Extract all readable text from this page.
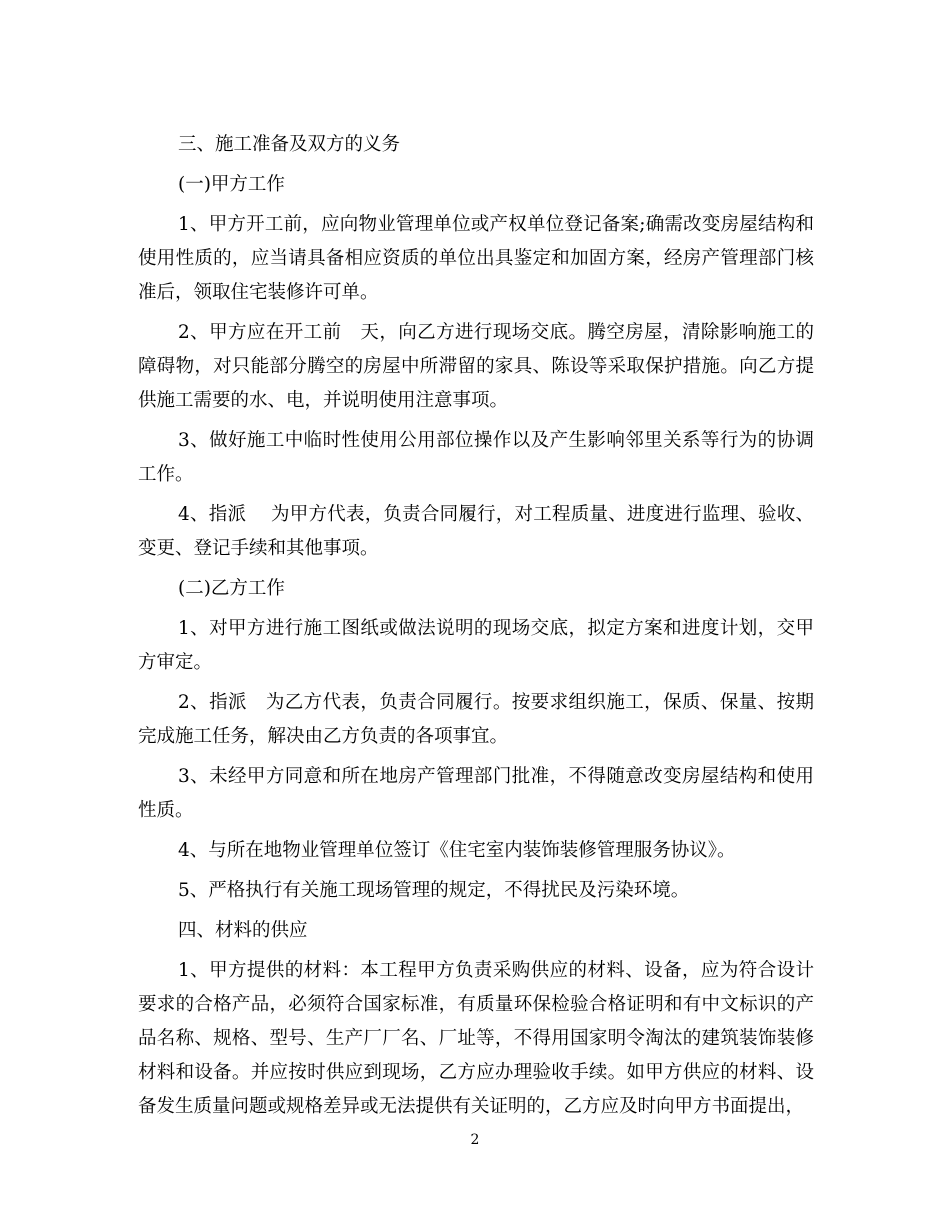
三、施工准备及双方的义务

(一)甲方工作

1、甲方开工前，应向物业管理单位或产权单位登记备案;确需改变房屋结构和使用性质的，应当请具备相应资质的单位出具鉴定和加固方案，经房产管理部门核准后，领取住宅装修许可单。

2、甲方应在开工前　天，向乙方进行现场交底。腾空房屋，清除影响施工的障碍物，对只能部分腾空的房屋中所滞留的家具、陈设等采取保护措施。向乙方提供施工需要的水、电，并说明使用注意事项。

3、做好施工中临时性使用公用部位操作以及产生影响邻里关系等行为的协调工作。

4、指派　 为甲方代表，负责合同履行，对工程质量、进度进行监理、验收、变更、登记手续和其他事项。

(二)乙方工作

1、对甲方进行施工图纸或做法说明的现场交底，拟定方案和进度计划，交甲方审定。

2、指派　为乙方代表，负责合同履行。按要求组织施工，保质、保量、按期完成施工任务，解决由乙方负责的各项事宜。

3、未经甲方同意和所在地房产管理部门批准，不得随意改变房屋结构和使用性质。

4、与所在地物业管理单位签订《住宅室内装饰装修管理服务协议》。

5、严格执行有关施工现场管理的规定，不得扰民及污染环境。

四、材料的供应

1、甲方提供的材料：本工程甲方负责采购供应的材料、设备，应为符合设计要求的合格产品，必须符合国家标准，有质量环保检验合格证明和有中文标识的产品名称、规格、型号、生产厂厂名、厂址等，不得用国家明令淘汰的建筑装饰装修材料和设备。并应按时供应到现场，乙方应办理验收手续。如甲方供应的材料、设备发生质量问题或规格差异或无法提供有关证明的，乙方应及时向甲方书面提出，

2
